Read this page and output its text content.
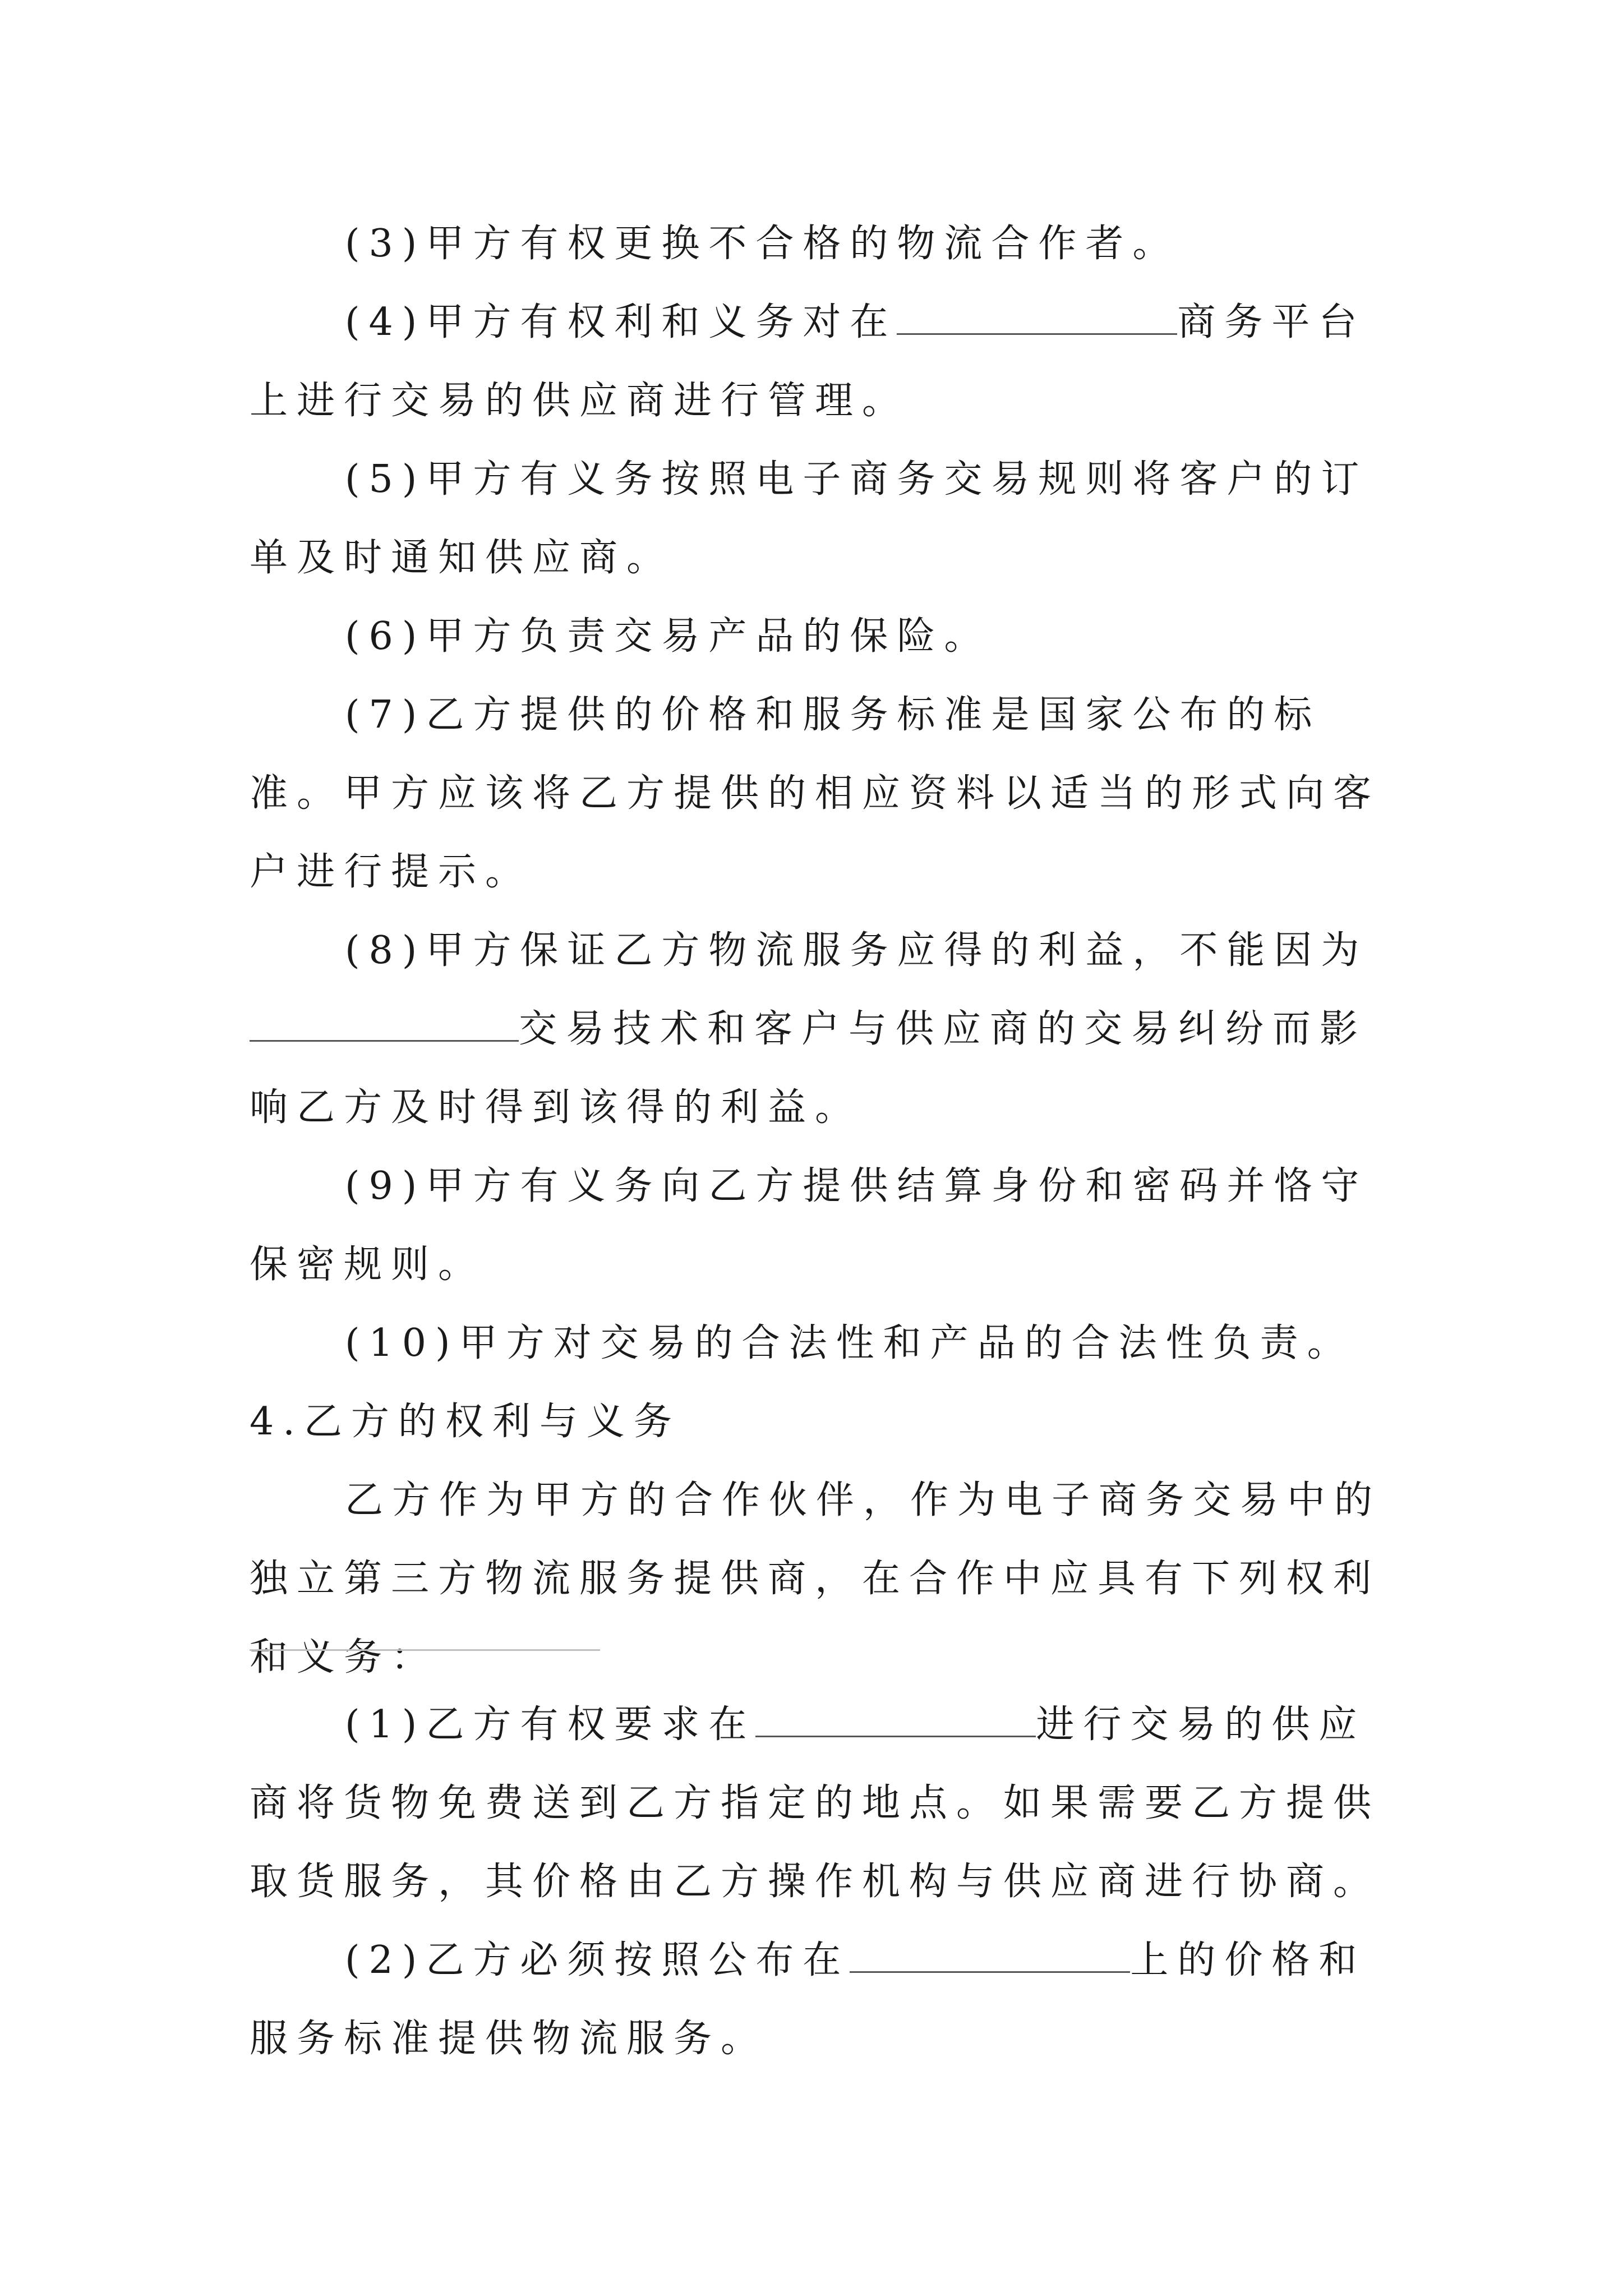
(3)甲方有权更换不合格的物流合作者。

(4)甲方有权利和义务对在	商务平台上进行交易的供应商进行管理。

(5)甲方有义务按照电子商务交易规则将客户的订单及时通知供应商。

(6)甲方负责交易产品的保险。

(7)乙方提供的价格和服务标准是国家公布的标准。甲方应该将乙方提供的相应资料以适当的形式向客户进行提示。

(8)甲方保证乙方物流服务应得的利益，不能因为交易技术和客户与供应商的交易纠纷而影响乙方及时得到该得的利益。

(9)甲方有义务向乙方提供结算身份和密码并恪守保密规则。

(10)甲方对交易的合法性和产品的合法性负责。4.乙方的权利与义务

乙方作为甲方的合作伙伴，作为电子商务交易中的独立第三方物流服务提供商，在合作中应具有下列权利和义务：

(1)乙方有权要求在	进行交易的供应商将货物免费送到乙方指定的地点。如果需要乙方提供取货服务，其价格由乙方操作机构与供应商进行协商。

(2)乙方必须按照公布在	上的价格和服务标准提供物流服务。
